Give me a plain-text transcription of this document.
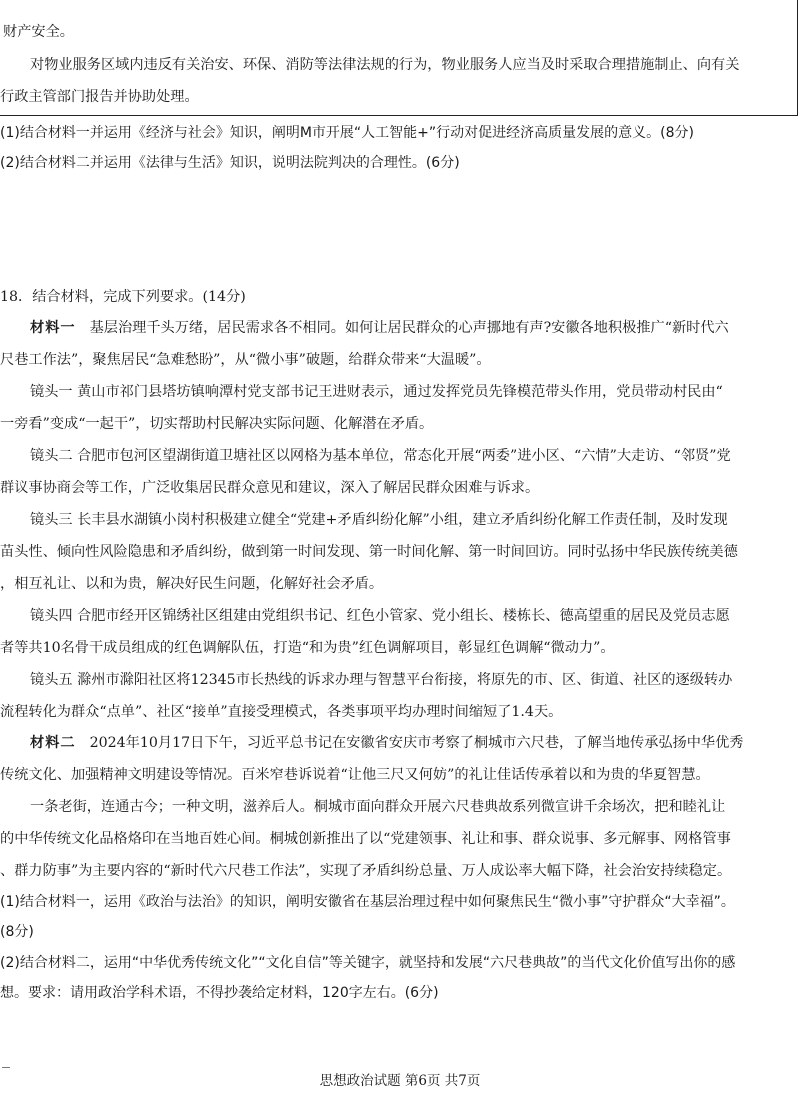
财产安全。
对物业服务区域内违反有关治安、环保、消防等法律法规的行为，物业服务人应当及时采取合理措施制止、向有关
行政主管部门报告并协助处理。
(1)结合材料一并运用《经济与社会》知识，阐明M市开展“人工智能+”行动对促进经济高质量发展的意义。(8分)
(2)结合材料二并运用《法律与生活》知识，说明法院判决的合理性。(6分)
18．结合材料，完成下列要求。(14分)
材料一 基层治理千头万绪，居民需求各不相同。如何让居民群众的心声挪地有声?安徽各地积极推广“新时代六
尺巷工作法”，聚焦居民“急难愁盼”，从“微小事”破题，给群众带来“大温暖”。
镜头一 黄山市祁门县塔坊镇响潭村党支部书记王进财表示，通过发挥党员先锋模范带头作用，党员带动村民由“
一旁看”变成“一起干”，切实帮助村民解决实际问题、化解潜在矛盾。
镜头二 合肥市包河区望湖街道卫塘社区以网格为基本单位，常态化开展“两委”进小区、“六情”大走访、“邻贤”党
群议事协商会等工作，广泛收集居民群众意见和建议，深入了解居民群众困难与诉求。
镜头三 长丰县水湖镇小岗村积极建立健全“党建+矛盾纠纷化解”小组，建立矛盾纠纷化解工作责任制，及时发现
苗头性、倾向性风险隐患和矛盾纠纷，做到第一时间发现、第一时间化解、第一时间回访。同时弘扬中华民族传统美德
，相互礼让、以和为贵，解决好民生问题，化解好社会矛盾。
镜头四 合肥市经开区锦绣社区组建由党组织书记、红色小管家、党小组长、楼栋长、德高望重的居民及党员志愿
者等共10名骨干成员组成的红色调解队伍，打造“和为贵”红色调解项目，彰显红色调解“微动力”。
镜头五 滁州市滁阳社区将12345市长热线的诉求办理与智慧平台衔接，将原先的市、区、街道、社区的逐级转办
流程转化为群众“点单”、社区“接单”直接受理模式，各类事项平均办理时间缩短了1.4天。
材料二 2024年10月17日下午，习近平总书记在安徽省安庆市考察了桐城市六尺巷，了解当地传承弘扬中华优秀
传统文化、加强精神文明建设等情况。百米窄巷诉说着“让他三尺又何妨”的礼让佳话传承着以和为贵的华夏智慧。
一条老街，连通古今；一种文明，滋养后人。桐城市面向群众开展六尺巷典故系列微宣讲千余场次，把和睦礼让
的中华传统文化品格烙印在当地百姓心间。桐城创新推出了以“党建领事、礼让和事、群众说事、多元解事、网格管事
、群力防事”为主要内容的“新时代六尺巷工作法”，实现了矛盾纠纷总量、万人成讼率大幅下降，社会治安持续稳定。
(1)结合材料一，运用《政治与法治》的知识，阐明安徽省在基层治理过程中如何聚焦民生“微小事”守护群众“大幸福”。
(8分)
(2)结合材料二，运用“中华优秀传统文化”“文化自信”等关键字，就坚持和发展“六尺巷典故”的当代文化价值写出你的感
想。要求：请用政治学科术语，不得抄袭给定材料，120字左右。(6分)
思想政治试题 第6页 共7页
